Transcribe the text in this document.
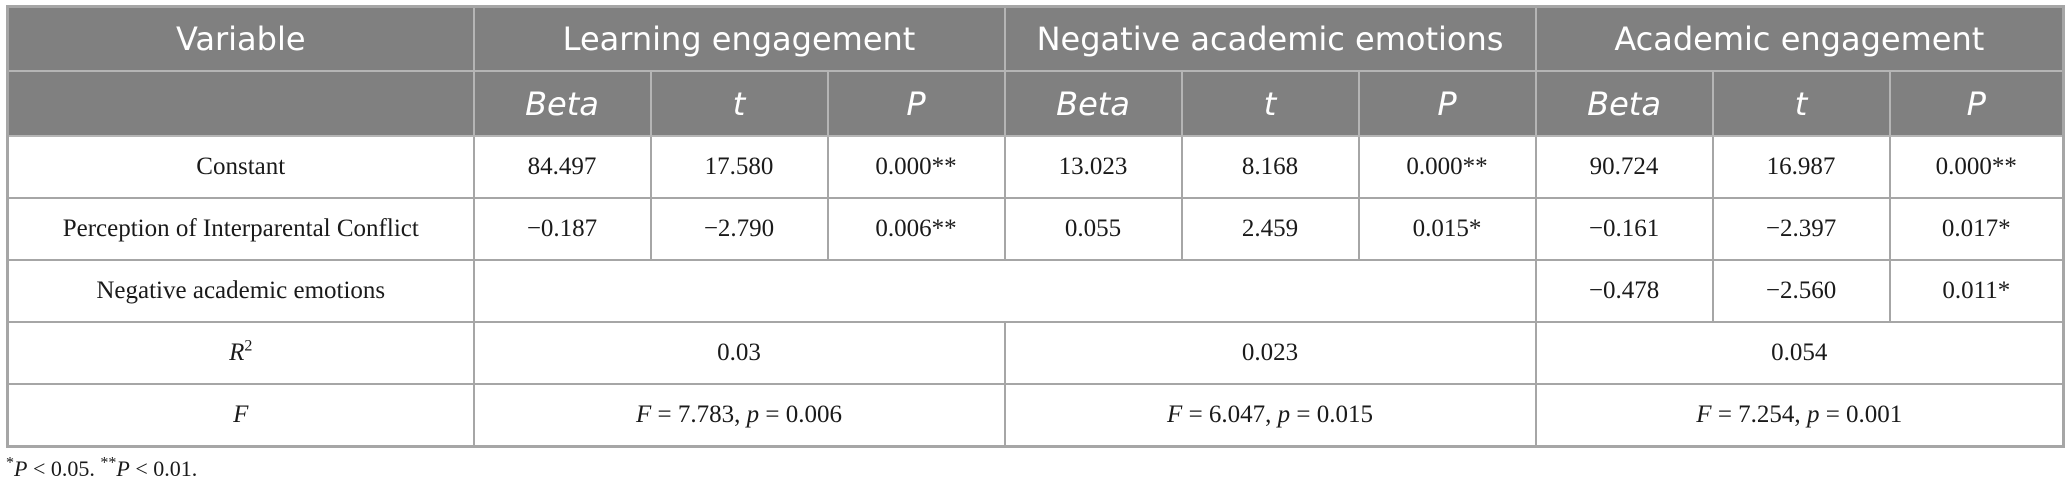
Variable	Learning engagement			Negative academic emotions			Academic engagement		
	Beta	t	P	Beta	t	P	Beta	t	P
Constant	84.497	17.580	0.000**	13.023	8.168	0.000**	90.724	16.987	0.000**
Perception of Interparental Conflict	−0.187	−2.790	0.006**	0.055	2.459	0.015*	−0.161	−2.397	0.017*
Negative academic emotions							−0.478	−2.560	0.011*
$R^2$	0.03			0.023			0.054		
F	F = 7.783, p = 0.006			F = 6.047, p = 0.015			F = 7.254, p = 0.001		
*P < 0.05. **P < 0.01.
